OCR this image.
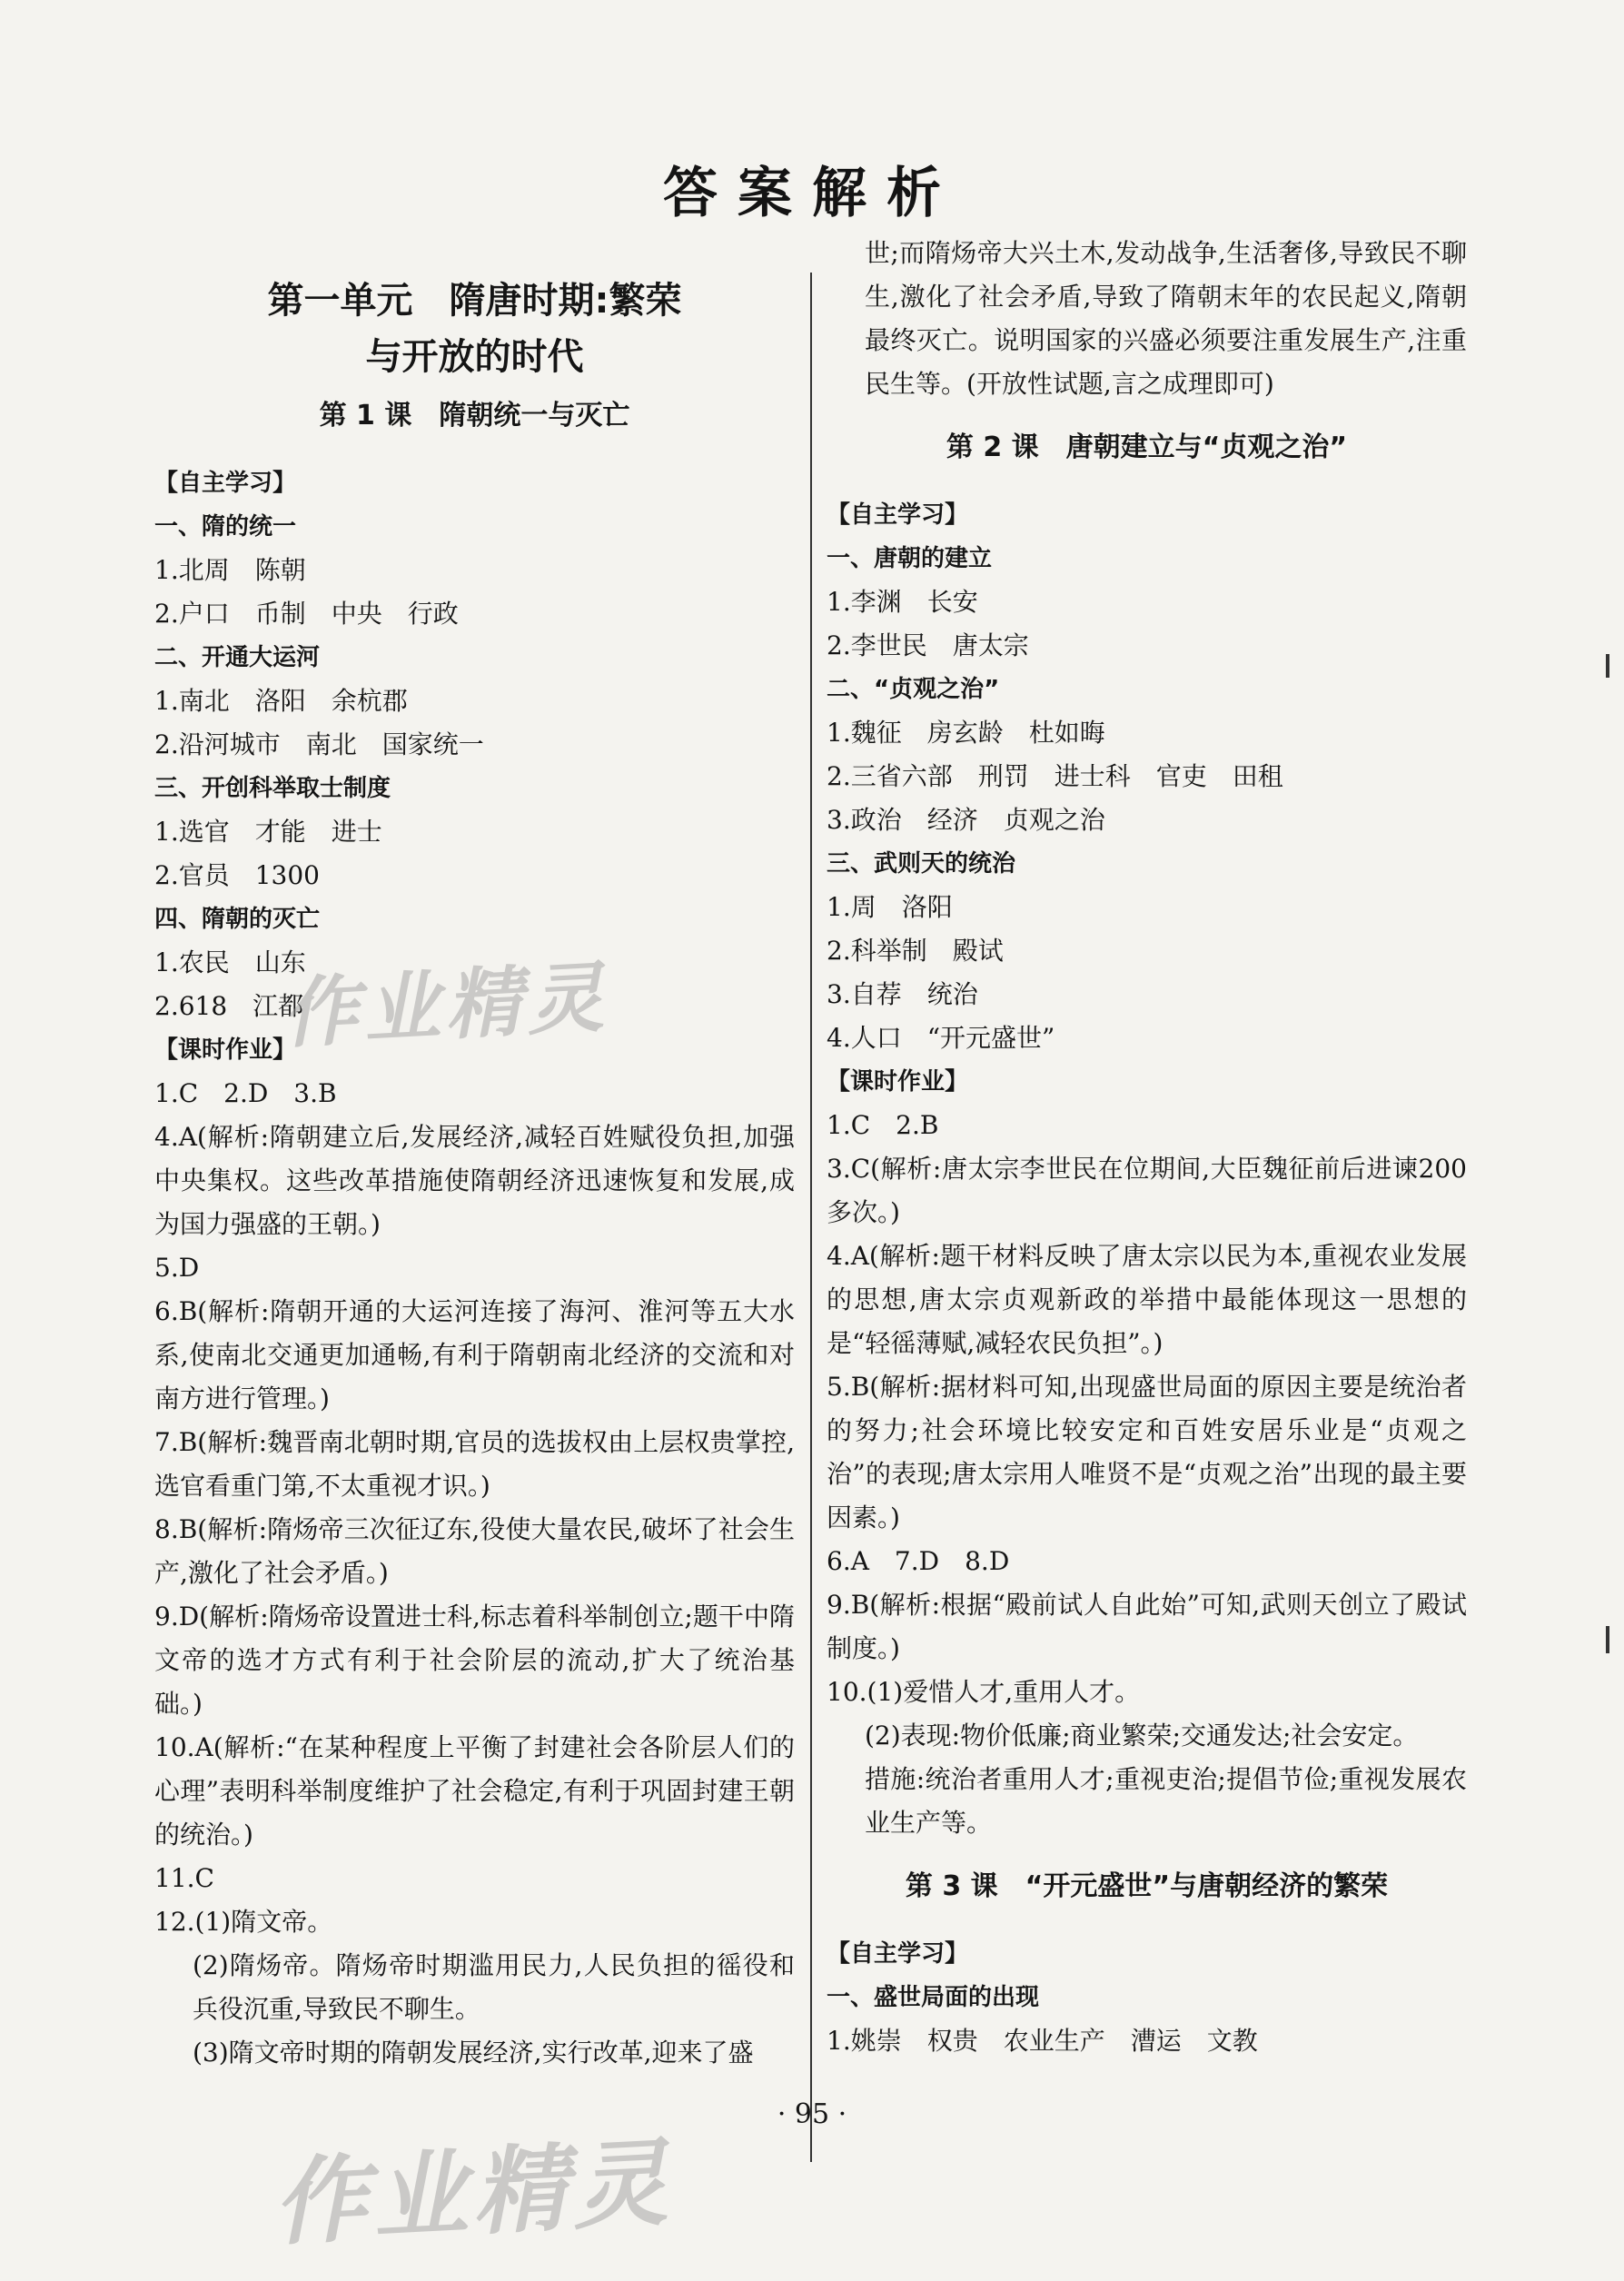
答案解析
第一单元　隋唐时期:繁荣
与开放的时代
第 1 课　隋朝统一与灭亡
【自主学习】
一、隋的统一
1.北周　陈朝
2.户口　币制　中央　行政
二、开通大运河
1.南北　洛阳　余杭郡
2.沿河城市　南北　国家统一
三、开创科举取士制度
1.选官　才能　进士
2.官员　1300
四、隋朝的灭亡
1.农民　山东
2.618　江都
【课时作业】
1.C　2.D　3.B
4.A(解析:隋朝建立后,发展经济,减轻百姓赋役负担,加强中央集权。这些改革措施使隋朝经济迅速恢复和发展,成为国力强盛的王朝。)
5.D
6.B(解析:隋朝开通的大运河连接了海河、淮河等五大水系,使南北交通更加通畅,有利于隋朝南北经济的交流和对南方进行管理。)
7.B(解析:魏晋南北朝时期,官员的选拔权由上层权贵掌控,选官看重门第,不太重视才识。)
8.B(解析:隋炀帝三次征辽东,役使大量农民,破坏了社会生产,激化了社会矛盾。)
9.D(解析:隋炀帝设置进士科,标志着科举制创立;题干中隋文帝的选才方式有利于社会阶层的流动,扩大了统治基础。)
10.A(解析:“在某种程度上平衡了封建社会各阶层人们的心理”表明科举制度维护了社会稳定,有利于巩固封建王朝的统治。)
11.C
12.(1)隋文帝。
(2)隋炀帝。隋炀帝时期滥用民力,人民负担的徭役和兵役沉重,导致民不聊生。
(3)隋文帝时期的隋朝发展经济,实行改革,迎来了盛
世;而隋炀帝大兴土木,发动战争,生活奢侈,导致民不聊生,激化了社会矛盾,导致了隋朝末年的农民起义,隋朝最终灭亡。说明国家的兴盛必须要注重发展生产,注重民生等。(开放性试题,言之成理即可)
第 2 课　唐朝建立与“贞观之治”
【自主学习】
一、唐朝的建立
1.李渊　长安
2.李世民　唐太宗
二、“贞观之治”
1.魏征　房玄龄　杜如晦
2.三省六部　刑罚　进士科　官吏　田租
3.政治　经济　贞观之治
三、武则天的统治
1.周　洛阳
2.科举制　殿试
3.自荐　统治
4.人口　“开元盛世”
【课时作业】
1.C　2.B
3.C(解析:唐太宗李世民在位期间,大臣魏征前后进谏200 多次。)
4.A(解析:题干材料反映了唐太宗以民为本,重视农业发展的思想,唐太宗贞观新政的举措中最能体现这一思想的是“轻徭薄赋,减轻农民负担”。)
5.B(解析:据材料可知,出现盛世局面的原因主要是统治者的努力;社会环境比较安定和百姓安居乐业是“贞观之治”的表现;唐太宗用人唯贤不是“贞观之治”出现的最主要因素。)
6.A　7.D　8.D
9.B(解析:根据“殿前试人自此始”可知,武则天创立了殿试制度。)
10.(1)爱惜人才,重用人才。
(2)表现:物价低廉;商业繁荣;交通发达;社会安定。
措施:统治者重用人才;重视吏治;提倡节俭;重视发展农业生产等。
第 3 课　“开元盛世”与唐朝经济的繁荣
【自主学习】
一、盛世局面的出现
1.姚崇　权贵　农业生产　漕运　文教
· 95 ·
作业精灵
作业精灵
